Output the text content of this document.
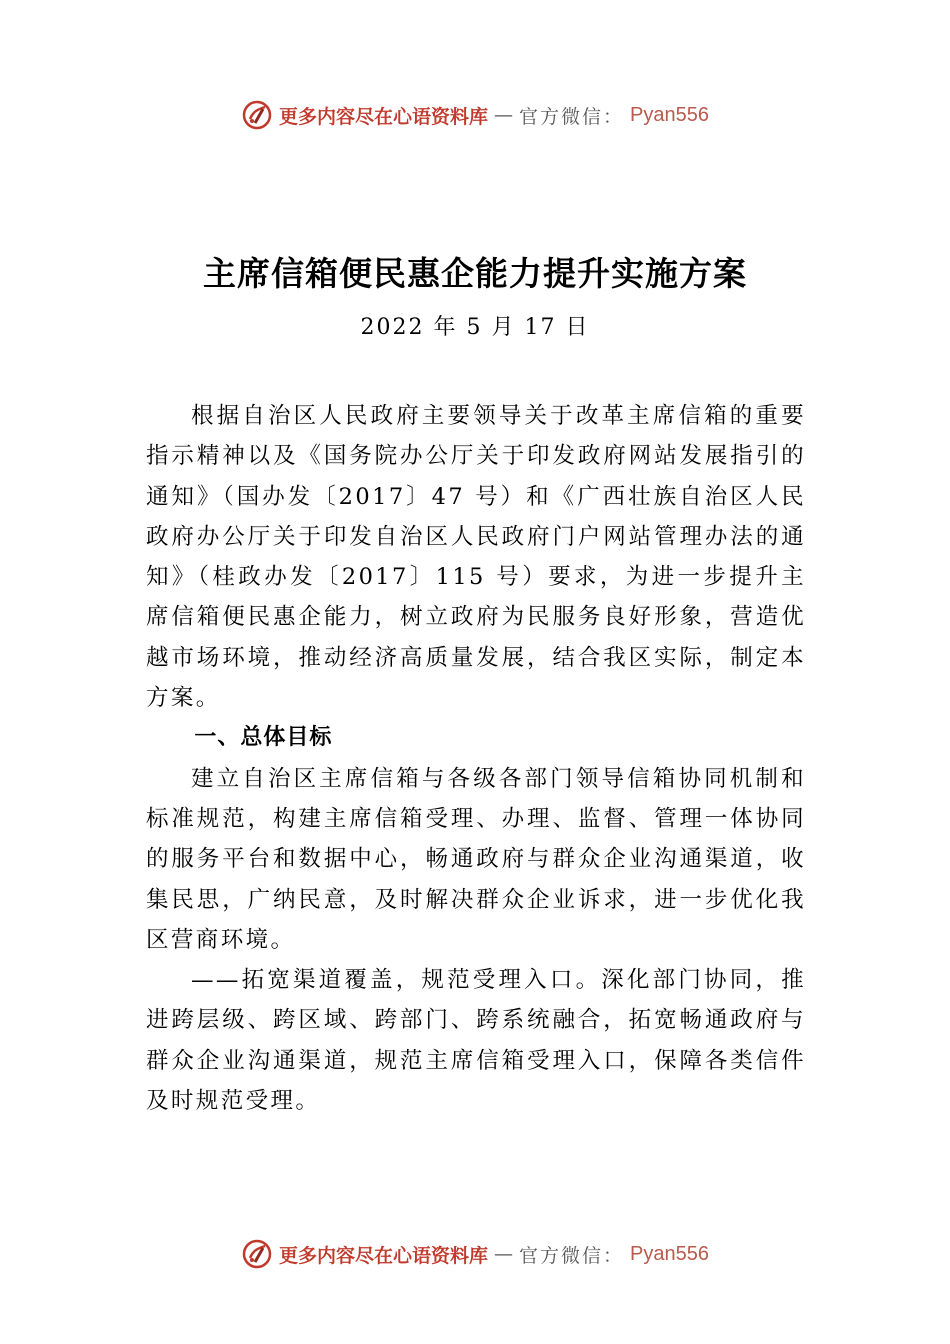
更多内容尽在心语资料库 — 官方微信： Pyan556
主席信箱便民惠企能力提升实施方案

2022 年 5 月 17 日

根据自治区人民政府主要领导关于改革主席信箱的重要指示精神以及《国务院办公厅关于印发政府网站发展指引的通知》（国办发〔2017〕47 号）和《广西壮族自治区人民政府办公厅关于印发自治区人民政府门户网站管理办法的通知》（桂政办发〔2017〕115 号）要求，为进一步提升主席信箱便民惠企能力，树立政府为民服务良好形象，营造优越市场环境，推动经济高质量发展，结合我区实际，制定本方案。

一、总体目标

建立自治区主席信箱与各级各部门领导信箱协同机制和标准规范，构建主席信箱受理、办理、监督、管理一体协同的服务平台和数据中心，畅通政府与群众企业沟通渠道，收集民思，广纳民意，及时解决群众企业诉求，进一步优化我区营商环境。

——拓宽渠道覆盖，规范受理入口。深化部门协同，推进跨层级、跨区域、跨部门、跨系统融合，拓宽畅通政府与群众企业沟通渠道，规范主席信箱受理入口，保障各类信件及时规范受理。

更多内容尽在心语资料库 — 官方微信： Pyan556
